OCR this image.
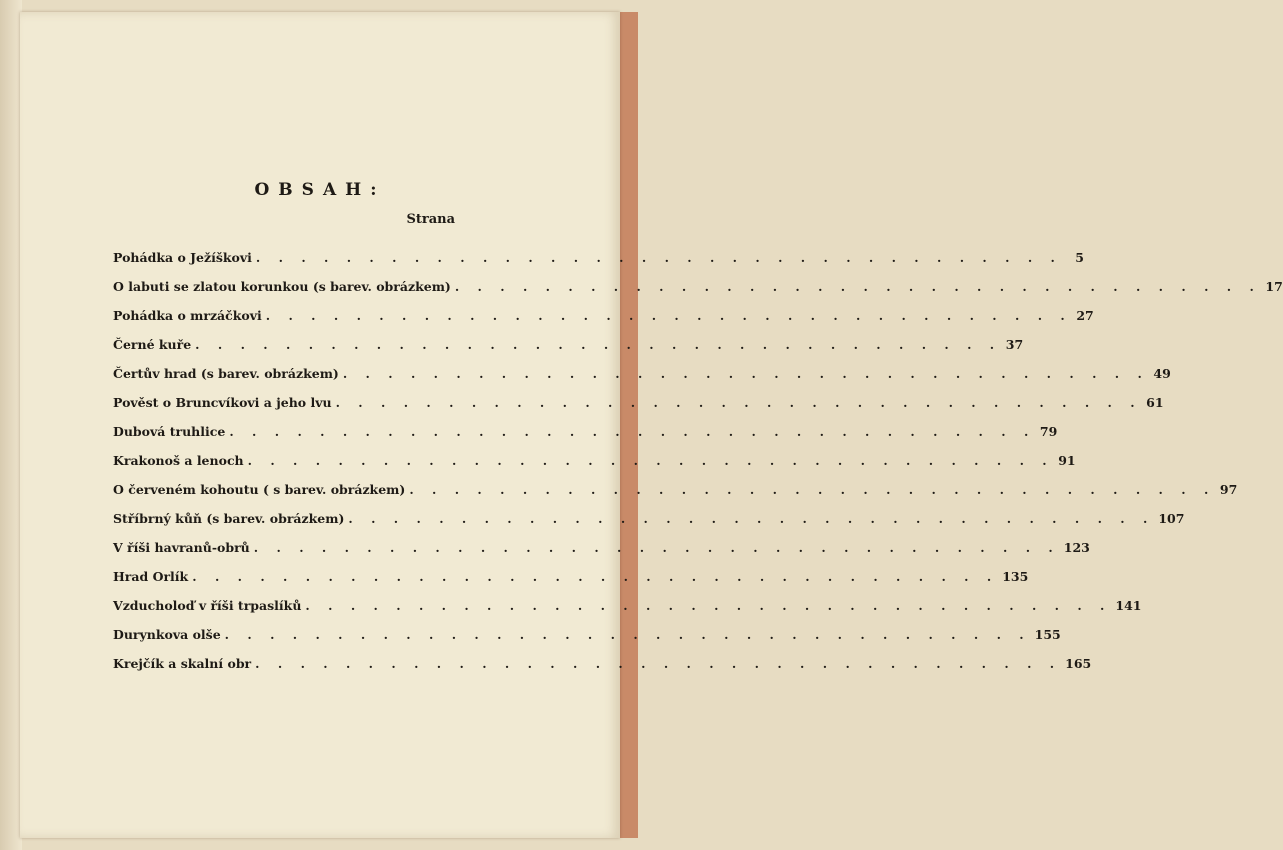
OBSAH:
Strana
Pohádka o Ježíškovi . . . . . . . . . . . . . . . . . . . . . . . . . . . . . . . . . . . .	5
O labuti se zlatou korunkou (s barev. obrázkem) . . . . . . . . . . . . . . . . . . . . . . . . . . . . . . . . . . . . 17
Pohádka o mrzáčkovi . . . . . . . . . . . . . . . . . . . . . . . . . . . . . . . . . . . . 27
Černé kuře . . . . . . . . . . . . . . . . . . . . . . . . . . . . . . . . . . . . 37
Čertův hrad (s barev. obrázkem) . . . . . . . . . . . . . . . . . . . . . . . . . . . . . . . . . . . . 49
Pověst o Bruncvíkovi a jeho lvu . . . . . . . . . . . . . . . . . . . . . . . . . . . . . . . . . . . . 61
Dubová truhlice . . . . . . . . . . . . . . . . . . . . . . . . . . . . . . . . . . . . 79
Krakonoš a lenoch . . . . . . . . . . . . . . . . . . . . . . . . . . . . . . . . . . . . 91
O červeném kohoutu ( s barev. obrázkem) . . . . . . . . . . . . . . . . . . . . . . . . . . . . . . . . . . . . 97
Stříbrný kůň (s barev. obrázkem) . . . . . . . . . . . . . . . . . . . . . . . . . . . . . . . . . . . . 107
V říši havranů-obrů . . . . . . . . . . . . . . . . . . . . . . . . . . . . . . . . . . . . 123
Hrad Orlík . . . . . . . . . . . . . . . . . . . . . . . . . . . . . . . . . . . . 135
Vzducholoď v říši trpaslíků . . . . . . . . . . . . . . . . . . . . . . . . . . . . . . . . . . . . 141
Durynkova olše . . . . . . . . . . . . . . . . . . . . . . . . . . . . . . . . . . . . 155
Krejčík a skalní obr . . . . . . . . . . . . . . . . . . . . . . . . . . . . . . . . . . . . 165
